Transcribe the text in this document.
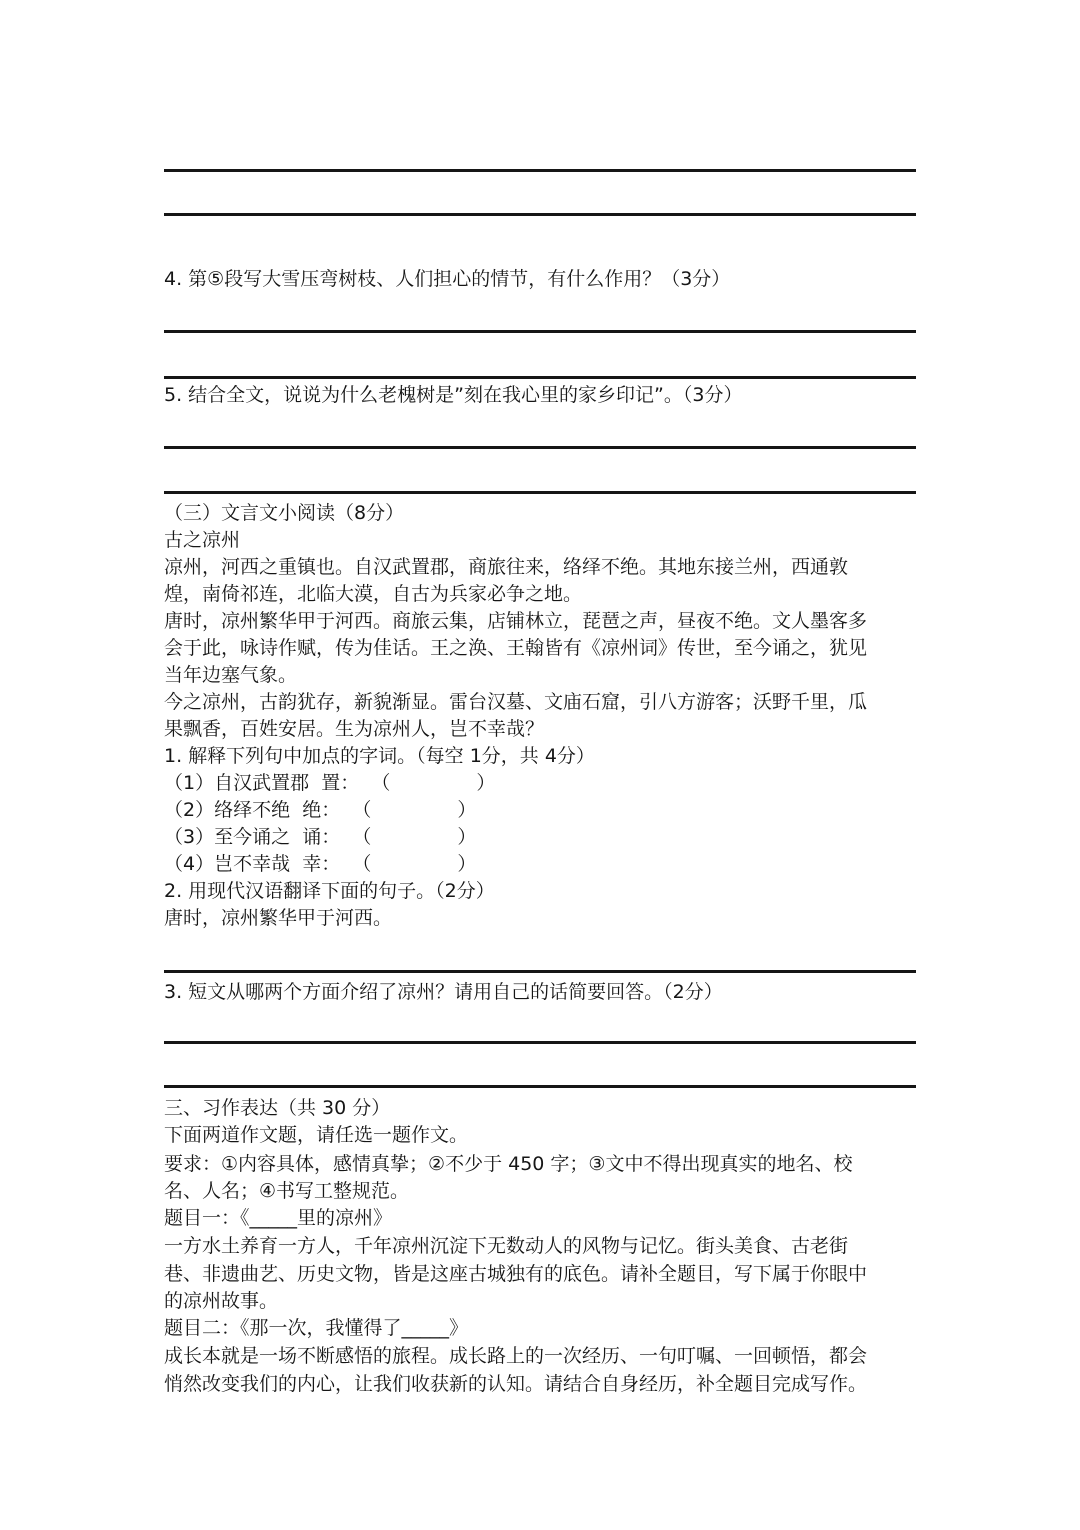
4. 第⑤段写大雪压弯树枝、人们担心的情节，有什么作用？（3分）
5. 结合全文，说说为什么老槐树是”刻在我心里的家乡印记”。（3分）
（三）文言文小阅读（8分）
古之凉州
凉州，河西之重镇也。自汉武置郡，商旅往来，络绎不绝。其地东接兰州，西通敦
煌，南倚祁连，北临大漠，自古为兵家必争之地。
唐时，凉州繁华甲于河西。商旅云集，店铺林立，琵琶之声，昼夜不绝。文人墨客多
会于此，咏诗作赋，传为佳话。王之涣、王翰皆有《凉州词》传世，至今诵之，犹见
当年边塞气象。
今之凉州，古韵犹存，新貌渐显。雷台汉墓、文庙石窟，引八方游客；沃野千里，瓜
果飘香，百姓安居。生为凉州人，岂不幸哉？
1. 解释下列句中加点的字词。（每空 1分，共 4分）
（1）自汉武置郡 置： （	）
（2）络绎不绝 绝： （	）
（3）至今诵之 诵： （	）
（4）岂不幸哉 幸： （	）
2. 用现代汉语翻译下面的句子。（2分）
唐时，凉州繁华甲于河西。
3. 短文从哪两个方面介绍了凉州？请用自己的话简要回答。（2分）
三、习作表达（共 30 分）
下面两道作文题，请任选一题作文。
要求：①内容具体，感情真挚；②不少于 450 字；③文中不得出现真实的地名、校
名、人名；④书写工整规范。
题目一：《_____里的凉州》
一方水土养育一方人，千年凉州沉淀下无数动人的风物与记忆。街头美食、古老街
巷、非遗曲艺、历史文物，皆是这座古城独有的底色。请补全题目，写下属于你眼中
的凉州故事。
题目二：《那一次，我懂得了_____》
成长本就是一场不断感悟的旅程。成长路上的一次经历、一句叮嘱、一回顿悟，都会
悄然改变我们的内心，让我们收获新的认知。请结合自身经历，补全题目完成写作。
